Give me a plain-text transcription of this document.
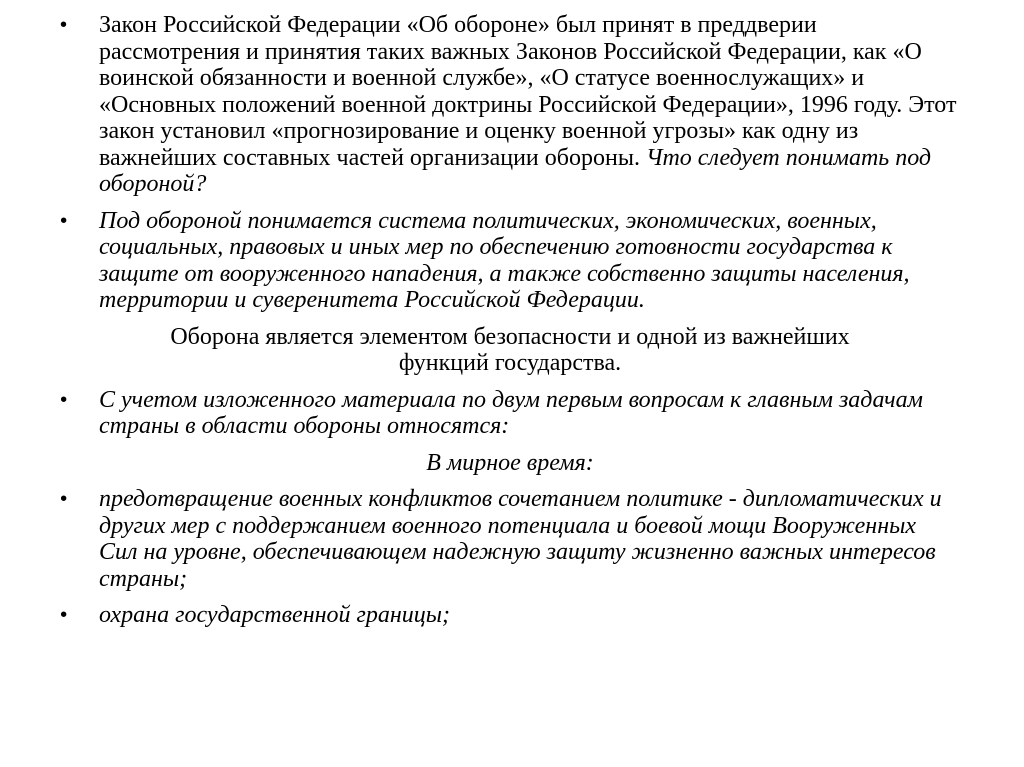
• Закон Российской Федерации «Об обороне» был принят в преддверии рассмотрения и принятия таких важных Законов Российской Федерации, как «О воинской обязанности и военной службе», «О статусе военнослужащих» и «Основных положений военной доктрины Российской Федерации», 1996 году. Этот закон установил «прогнозирование и оценку военной угрозы» как одну из важнейших составных частей организации обороны. Что следует понимать под обороной?
• Под обороной понимается система политических, экономических, военных, социальных, правовых и иных мер по обеспечению готовности государства к защите от вооруженного нападения, а также собственно защиты населения, территории и суверенитета Российской Федерации.
Оборона является элементом безопасности и одной из важнейших
функций государства.
• С учетом изложенного материала по двум первым вопросам к главным задачам страны в области обороны относятся:
В мирное время:
• предотвращение военных конфликтов сочетанием политике - дипломатических и других мер с поддержанием военного потенциала и боевой мощи Вооруженных Сил на уровне, обеспечивающем надежную защиту жизненно важных интересов страны;
• охрана государственной границы;
